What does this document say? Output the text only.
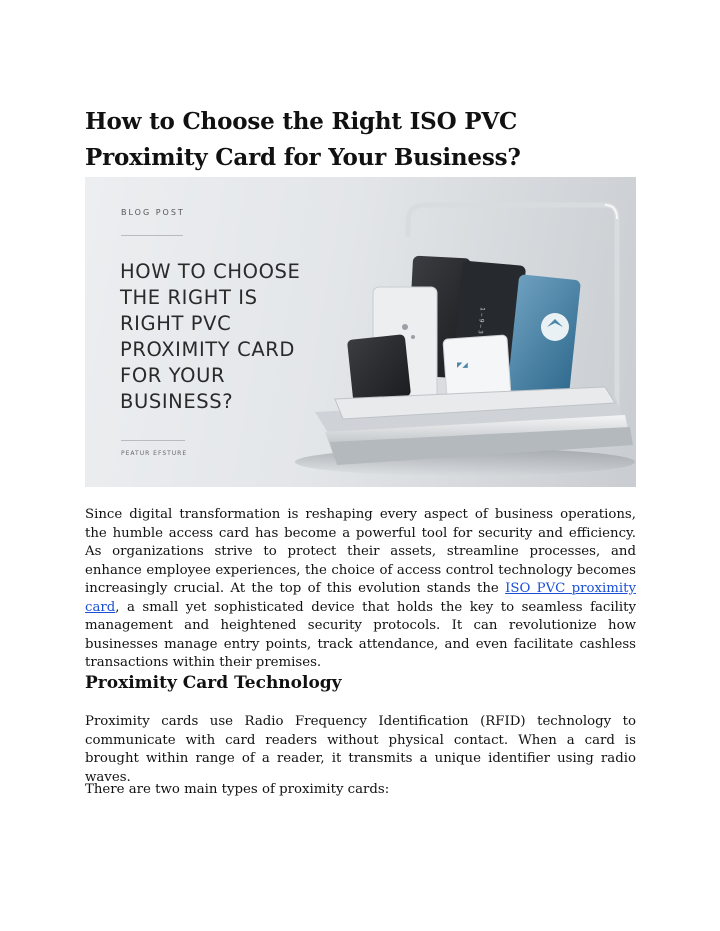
How to Choose the Right ISO PVC Proximity Card for Your Business?
1 ‒ 9 ‒ 3
◤◢
BLOG POST
HOW TO CHOOSE
THE RIGHT IS
RIGHT PVC
PROXIMITY CARD
FOR YOUR
BUSINESS?
PEATUR EFSTURE

Since digital transformation is reshaping every aspect of business operations, the humble access card has become a powerful tool for security and efficiency. As organizations strive to protect their assets, streamline processes, and enhance employee experiences, the choice of access control technology becomes increasingly crucial. At the top of this evolution stands the ISO PVC proximity card, a small yet sophisticated device that holds the key to seamless facility management and heightened security protocols. It can revolutionize how businesses manage entry points, track attendance, and even facilitate cashless transactions within their premises.

Proximity Card Technology

Proximity cards use Radio Frequency Identification (RFID) technology to communicate with card readers without physical contact. When a card is brought within range of a reader, it transmits a unique identifier using radio waves.

There are two main types of proximity cards:
